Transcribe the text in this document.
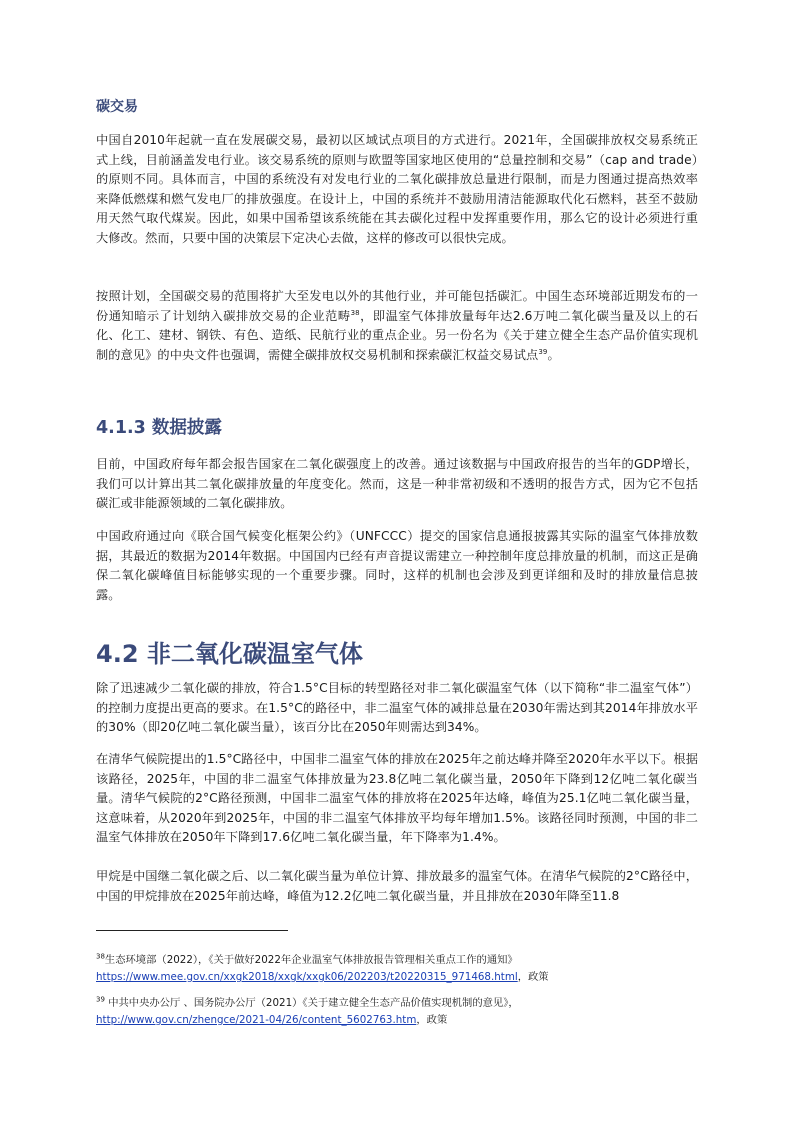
碳交易

中国自2010年起就一直在发展碳交易，最初以区域试点项目的方式进行。2021年，全国碳排放权交易系统正式上线，目前涵盖发电行业。该交易系统的原则与欧盟等国家地区使用的“总量控制和交易”（cap and trade）的原则不同。具体而言，中国的系统没有对发电行业的二氧化碳排放总量进行限制，而是力图通过提高热效率来降低燃煤和燃气发电厂的排放强度。在设计上，中国的系统并不鼓励用清洁能源取代化石燃料，甚至不鼓励用天然气取代煤炭。因此，如果中国希望该系统能在其去碳化过程中发挥重要作用，那么它的设计必须进行重大修改。然而，只要中国的决策层下定决心去做，这样的修改可以很快完成。

按照计划，全国碳交易的范围将扩大至发电以外的其他行业，并可能包括碳汇。中国生态环境部近期发布的一份通知暗示了计划纳入碳排放交易的企业范畴$^{38}$，即温室气体排放量每年达2.6万吨二氧化碳当量及以上的石化、化工、建材、钢铁、有色、造纸、民航行业的重点企业。另一份名为《关于建立健全生态产品价值实现机制的意见》的中央文件也强调，需健全碳排放权交易机制和探索碳汇权益交易试点$^{39}$。

4.1.3 数据披露

目前，中国政府每年都会报告国家在二氧化碳强度上的改善。通过该数据与中国政府报告的当年的GDP增长，我们可以计算出其二氧化碳排放量的年度变化。然而，这是一种非常初级和不透明的报告方式，因为它不包括碳汇或非能源领域的二氧化碳排放。

中国政府通过向《联合国气候变化框架公约》（UNFCCC）提交的国家信息通报披露其实际的温室气体排放数据，其最近的数据为2014年数据。中国国内已经有声音提议需建立一种控制年度总排放量的机制，而这正是确保二氧化碳峰值目标能够实现的一个重要步骤。同时，这样的机制也会涉及到更详细和及时的排放量信息披露。

4.2 非二氧化碳温室气体

除了迅速减少二氧化碳的排放，符合1.5°C目标的转型路径对非二氧化碳温室气体（以下简称“非二温室气体”）的控制力度提出更高的要求。在1.5°C的路径中，非二温室气体的减排总量在2030年需达到其2014年排放水平的30%（即20亿吨二氧化碳当量），该百分比在2050年则需达到34%。

在清华气候院提出的1.5°C路径中，中国非二温室气体的排放在2025年之前达峰并降至2020年水平以下。根据该路径，2025年，中国的非二温室气体排放量为23.8亿吨二氧化碳当量，2050年下降到12亿吨二氧化碳当量。清华气候院的2°C路径预测，中国非二温室气体的排放将在2025年达峰，峰值为25.1亿吨二氧化碳当量，这意味着，从2020年到2025年，中国的非二温室气体排放平均每年增加1.5%。该路径同时预测，中国的非二温室气体排放在2050年下降到17.6亿吨二氧化碳当量，年下降率为1.4%。

甲烷是中国继二氧化碳之后、以二氧化碳当量为单位计算、排放最多的温室气体。在清华气候院的2°C路径中，中国的甲烷排放在2025年前达峰，峰值为12.2亿吨二氧化碳当量，并且排放在2030年降至11.8

$^{38}$生态环境部（2022），《关于做好2022年企业温室气体排放报告管理相关重点工作的通知》
https://www.mee.gov.cn/xxgk2018/xxgk/xxgk06/202203/t20220315_971468.html，政策

$^{39}$ 中共中央办公厅 、国务院办公厅（2021）《关于建立健全生态产品价值实现机制的意见》，
http://www.gov.cn/zhengce/2021-04/26/content_5602763.htm，政策
